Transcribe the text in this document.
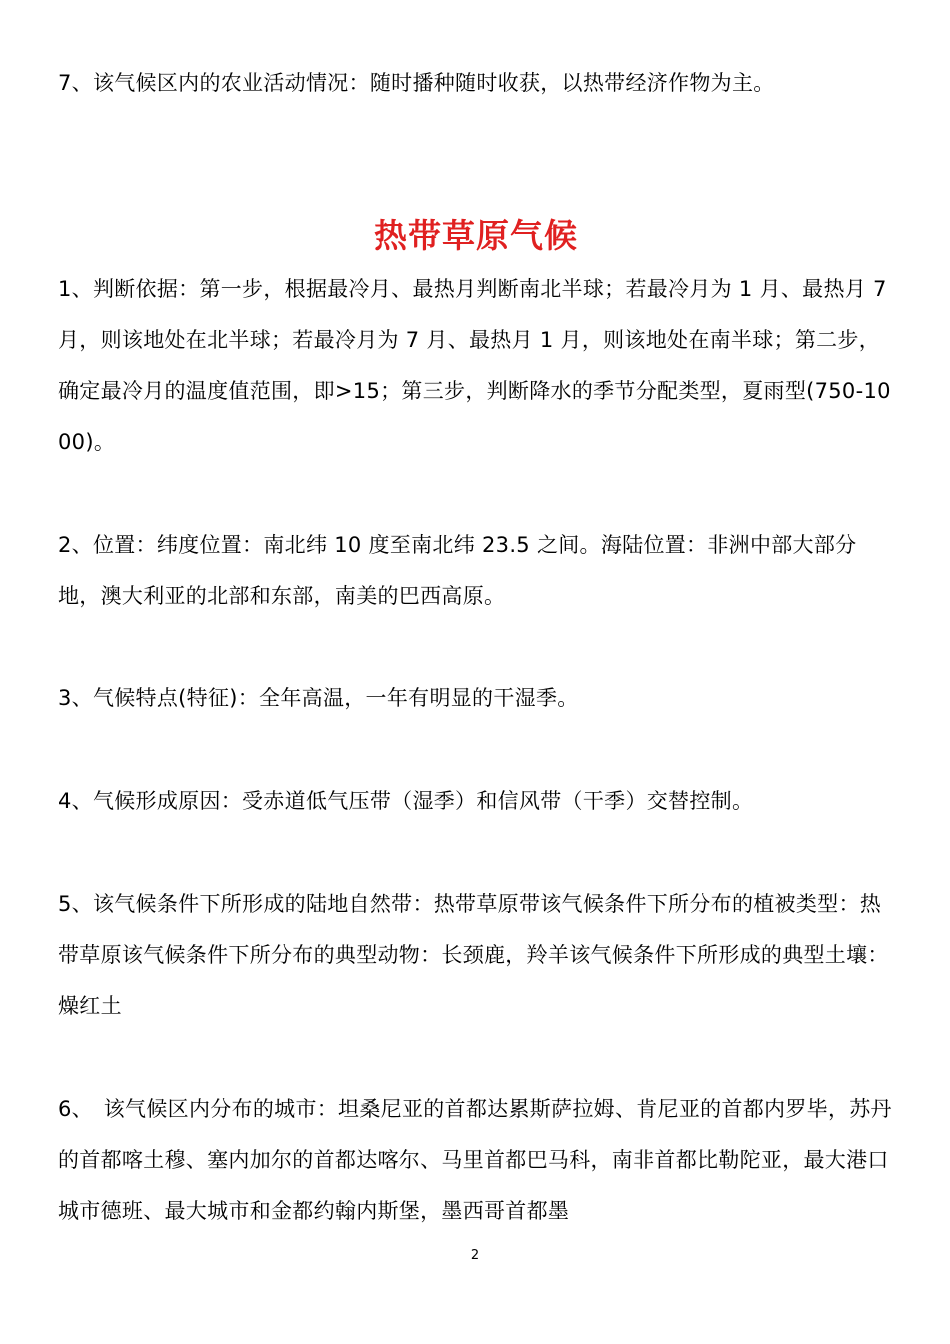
7、该气候区内的农业活动情况：随时播种随时收获，以热带经济作物为主。

热带草原气候

1、判断依据：第一步，根据最冷月、最热月判断南北半球；若最冷月为 1 月、最热月 7 月，则该地处在北半球；若最冷月为 7 月、最热月 1 月，则该地处在南半球；第二步，确定最冷月的温度值范围，即>15；第三步，判断降水的季节分配类型，夏雨型(750-1000)。

2、位置：纬度位置：南北纬 10 度至南北纬 23.5 之间。海陆位置：非洲中部大部分地，澳大利亚的北部和东部，南美的巴西高原。

3、气候特点(特征)：全年高温，一年有明显的干湿季。

4、气候形成原因：受赤道低气压带（湿季）和信风带（干季）交替控制。

5、该气候条件下所形成的陆地自然带：热带草原带该气候条件下所分布的植被类型：热带草原该气候条件下所分布的典型动物：长颈鹿，羚羊该气候条件下所形成的典型土壤：燥红土

6、　该气候区内分布的城市：坦桑尼亚的首都达累斯萨拉姆、肯尼亚的首都内罗毕，苏丹的首都喀土穆、塞内加尔的首都达喀尔、马里首都巴马科，南非首都比勒陀亚，最大港口城市德班、最大城市和金都约翰内斯堡，墨西哥首都墨

2
